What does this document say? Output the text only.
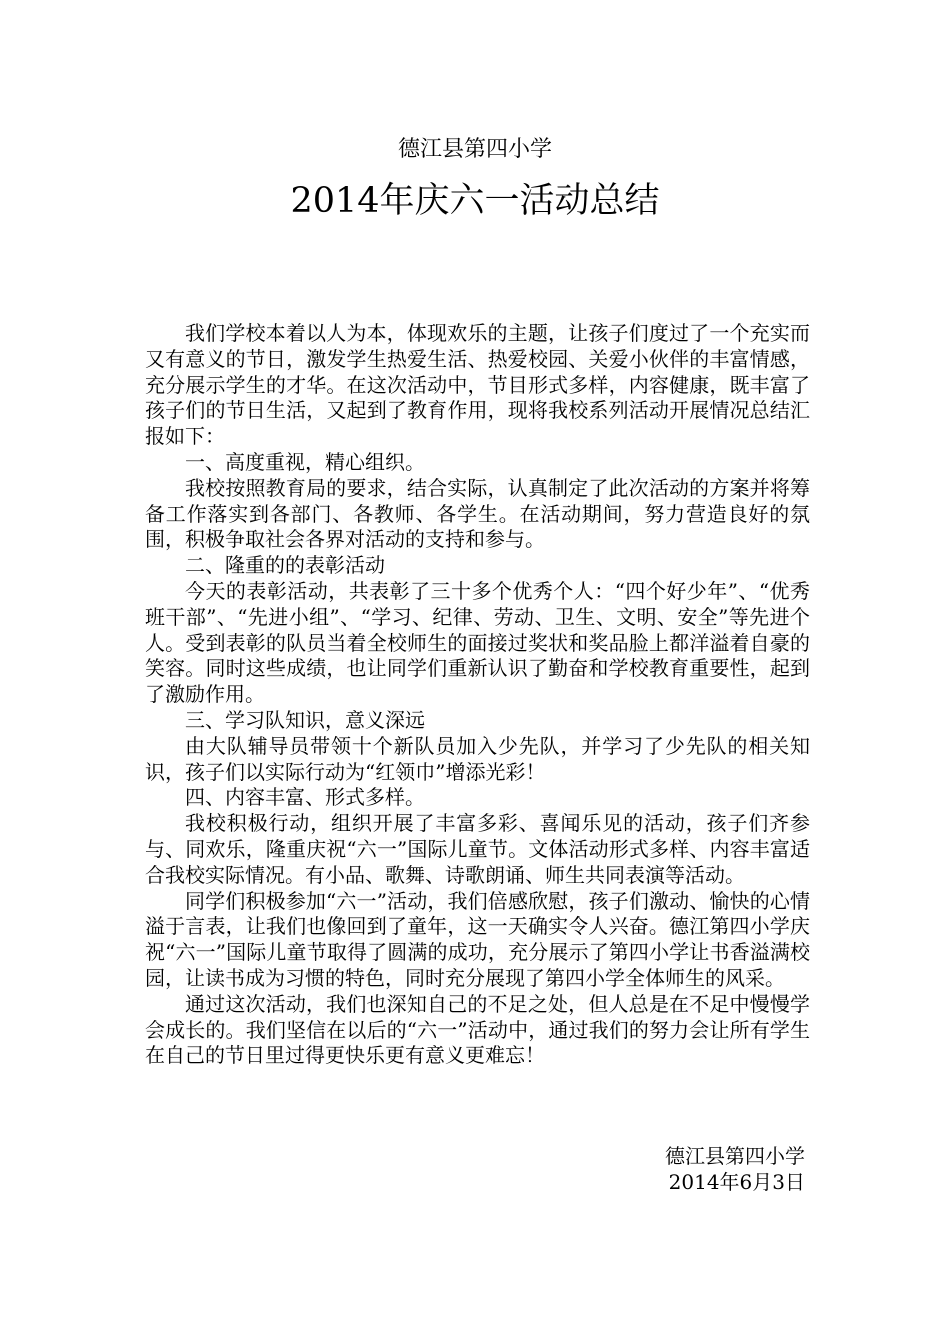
德江县第四小学
2014年庆六一活动总结

我们学校本着以人为本，体现欢乐的主题，让孩子们度过了一个充实而又有意义的节日，激发学生热爱生活、热爱校园、关爱小伙伴的丰富情感，充分展示学生的才华。在这次活动中，节目形式多样，内容健康，既丰富了孩子们的节日生活，又起到了教育作用，现将我校系列活动开展情况总结汇报如下：

一、高度重视，精心组织。

我校按照教育局的要求，结合实际，认真制定了此次活动的方案并将筹备工作落实到各部门、各教师、各学生。在活动期间，努力营造良好的氛围，积极争取社会各界对活动的支持和参与。

二、隆重的的表彰活动

今天的表彰活动，共表彰了三十多个优秀个人：“四个好少年”、“优秀班干部”、“先进小组”、“学习、纪律、劳动、卫生、文明、安全”等先进个人。受到表彰的队员当着全校师生的面接过奖状和奖品脸上都洋溢着自豪的笑容。同时这些成绩，也让同学们重新认识了勤奋和学校教育重要性，起到了激励作用。

三、学习队知识，意义深远

由大队辅导员带领十个新队员加入少先队，并学习了少先队的相关知识，孩子们以实际行动为“红领巾”增添光彩！

四、内容丰富、形式多样。

我校积极行动，组织开展了丰富多彩、喜闻乐见的活动，孩子们齐参与、同欢乐，隆重庆祝“六一”国际儿童节。文体活动形式多样、内容丰富适合我校实际情况。有小品、歌舞、诗歌朗诵、师生共同表演等活动。

同学们积极参加“六一”活动，我们倍感欣慰，孩子们激动、愉快的心情溢于言表，让我们也像回到了童年，这一天确实令人兴奋。德江第四小学庆祝“六一”国际儿童节取得了圆满的成功，充分展示了第四小学让书香溢满校园，让读书成为习惯的特色，同时充分展现了第四小学全体师生的风采。

通过这次活动，我们也深知自己的不足之处，但人总是在不足中慢慢学会成长的。我们坚信在以后的“六一”活动中，通过我们的努力会让所有学生在自己的节日里过得更快乐更有意义更难忘！

德江县第四小学
2014年6月3日
